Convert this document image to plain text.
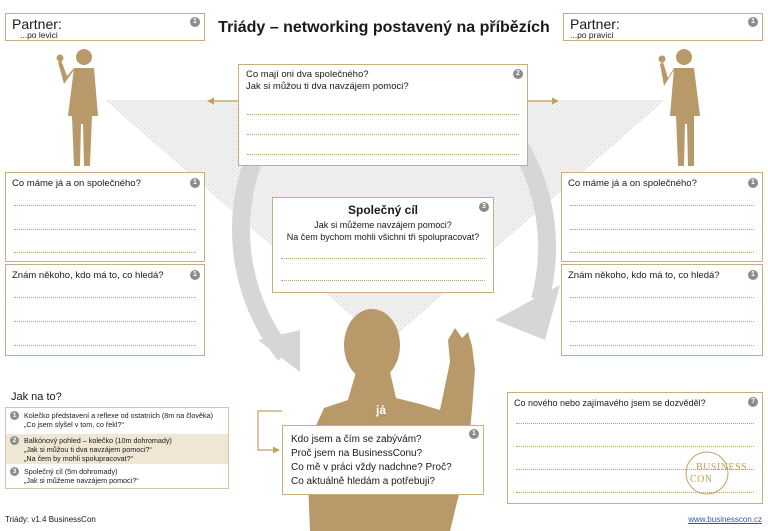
Triády – networking postavený na příbězích
Partner:
...po levici
1	Partner:
...po pravici
1
Co mají oni dva společného?
Jak si můžou ti dva navzájem pomoci?
2
Co máme já a on společného?	1
Znám někoho, kdo má to, co hledá?	1
Co máme já a on společného?	1
Znám někoho, kdo má to, co hledá?	1
Společný cíl
Jak si můžeme navzájem pomoci?
Na čem bychom mohli všichni tři spolupracovat?
3
já
1
Kdo jsem a čím se zabývám?
Proč jsem na BusinessConu?
Co mě v práci vždy nadchne? Proč?
Co aktuálně hledám a potřebuji?
Co nového nebo zajímavého jsem se dozvěděl?	?
BUSINESS
CON
Jak na to?
1	Kolečko představení a reflexe od ostatních (8m na člověka)
„Co jsem slyšel v tom, co řekl?“
2	Balkónový pohled – kolečko (10m dohromady)
„Jak si můžou ti dva navzájem pomoci?“
„Na čem by mohli spolupracovat?“
3	Společný cíl (5m dohromady)
„Jak si můžeme navzájem pomoci?“
Triády: v1.4 BusinessCon	www.businesscon.cz
